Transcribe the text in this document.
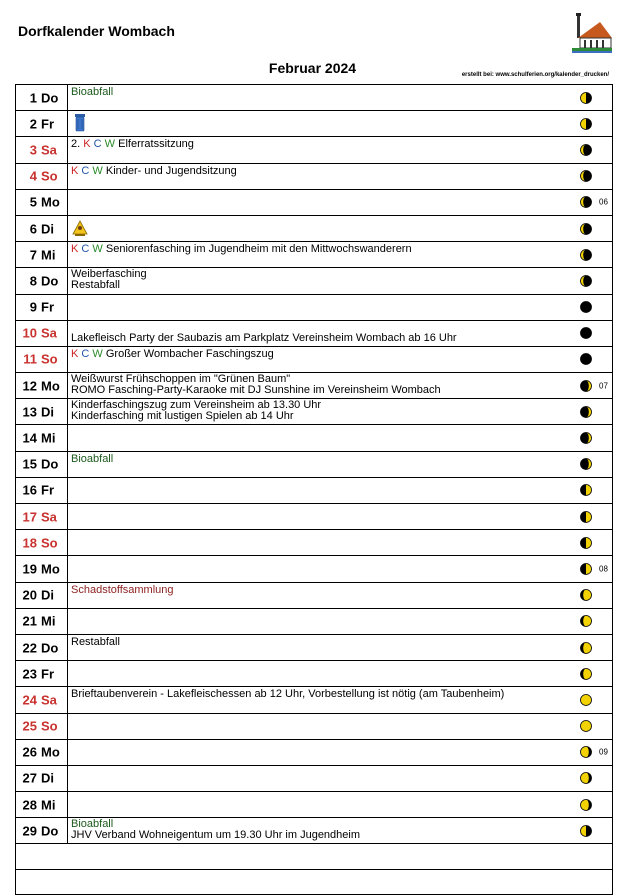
Dorfkalender Wombach
Februar 2024	erstellt bei: www.schulferien.org/kalender_drucken/
1 Do Bioabfall
2 Fr
3 Sa 2. K C W Elferratssitzung
4 So K C W Kinder- und Jugendsitzung
5 Mo	06
6 Di
7 Mi K C W Seniorenfasching im Jugendheim mit den Mittwochswanderern
8 Do Weiberfasching
Restabfall
9 Fr
10 Sa Lakefleisch Party der Saubazis am Parkplatz Vereinsheim Wombach ab 16 Uhr
11 So K C W Großer Wombacher Faschingszug
12 Mo Weißwurst Frühschoppen im "Grünen Baum"
ROMO Fasching-Party-Karaoke mit DJ Sunshine im Vereinsheim Wombach	07
13 Di Kinderfaschingszug zum Vereinsheim ab 13.30 Uhr
Kinderfasching mit lustigen Spielen ab 14 Uhr
14 Mi
15 Do Bioabfall
16 Fr
17 Sa
18 So
19 Mo	08
20 Di Schadstoffsammlung
21 Mi
22 Do Restabfall
23 Fr
24 Sa Brieftaubenverein - Lakefleischessen ab 12 Uhr, Vorbestellung ist nötig (am Taubenheim)
25 So
26 Mo	09
27 Di
28 Mi
29 Do Bioabfall
JHV Verband Wohneigentum um 19.30 Uhr im Jugendheim
